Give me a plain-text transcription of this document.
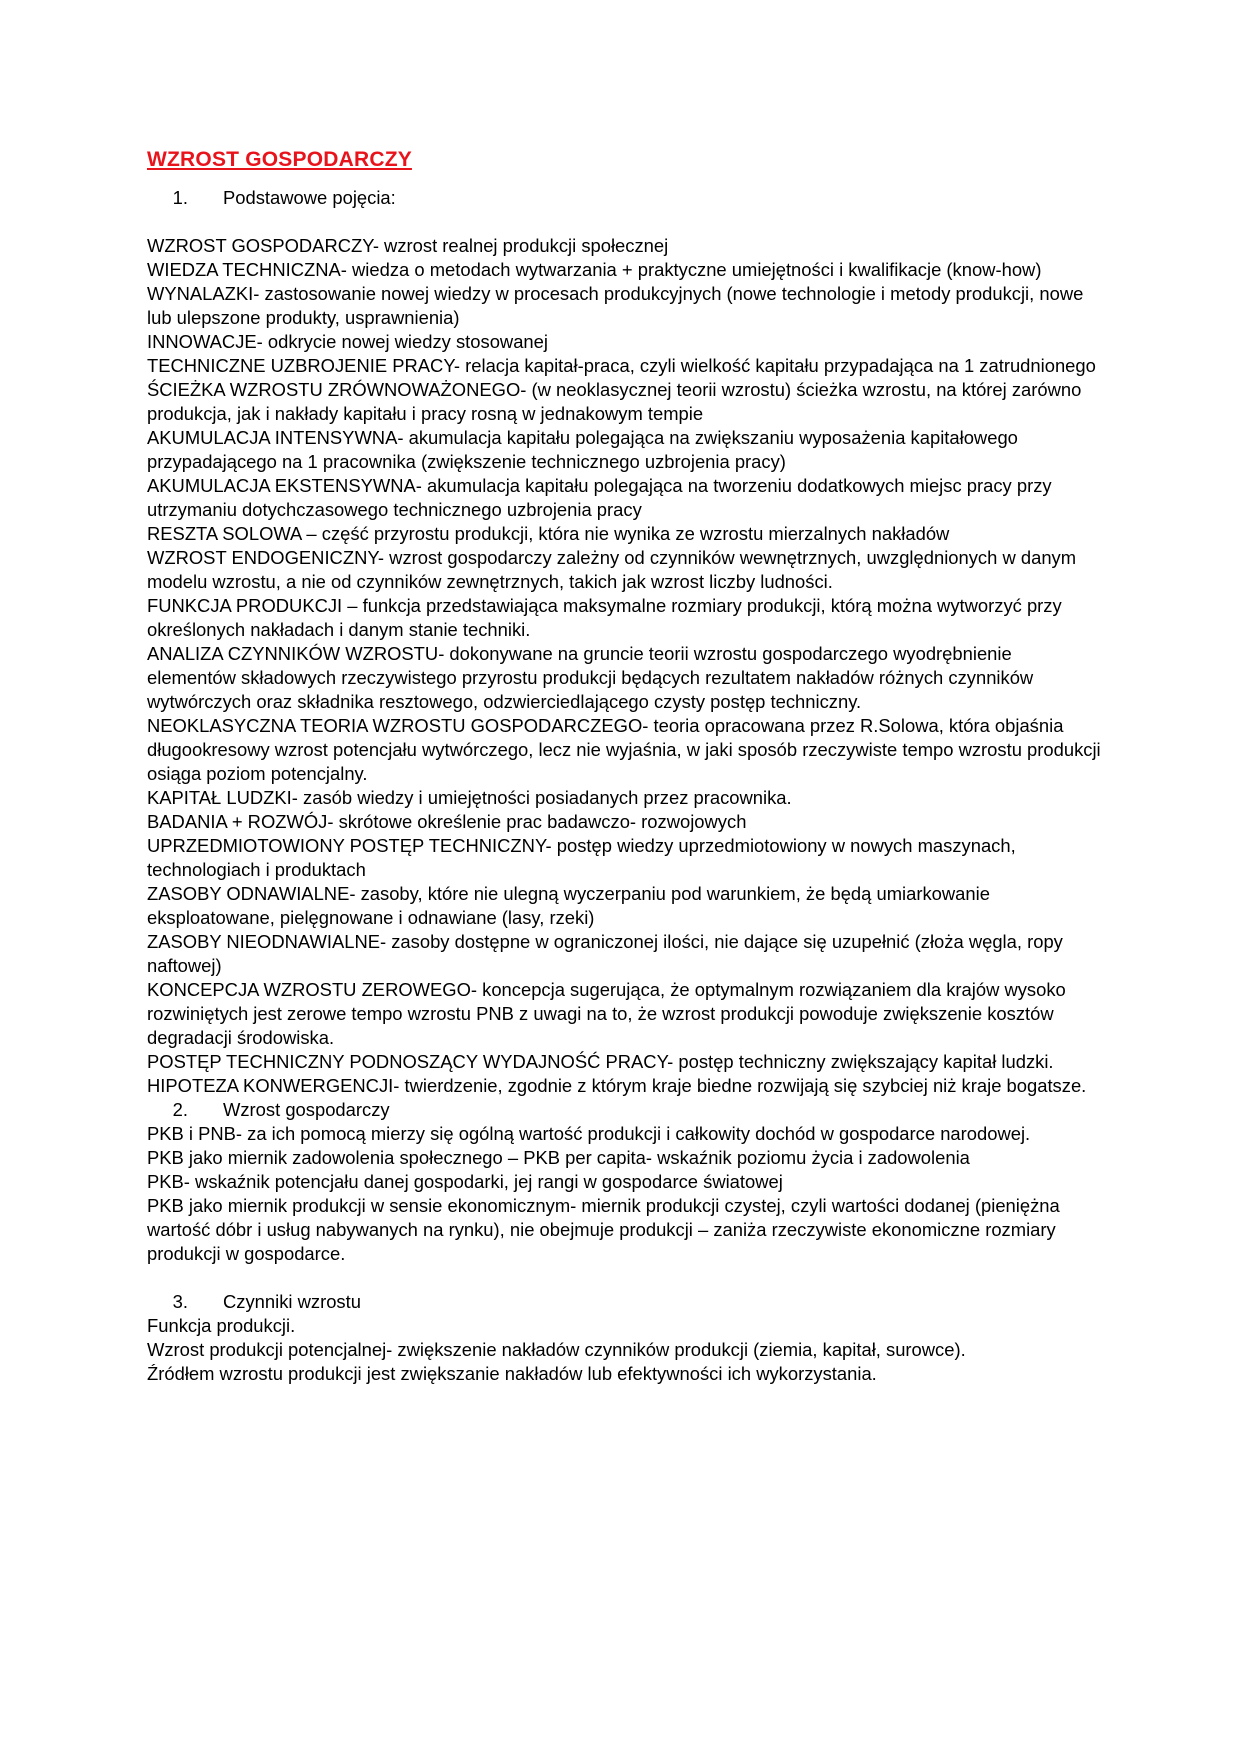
WZROST GOSPODARCZY
1.	Podstawowe pojęcia:

WZROST GOSPODARCZY- wzrost realnej produkcji społecznej

WIEDZA TECHNICZNA- wiedza o metodach wytwarzania + praktyczne umiejętności i kwalifikacje (know-how)

WYNALAZKI- zastosowanie nowej wiedzy w procesach produkcyjnych (nowe technologie i metody produkcji, nowe lub ulepszone produkty, usprawnienia)

INNOWACJE- odkrycie nowej wiedzy stosowanej

TECHNICZNE UZBROJENIE PRACY- relacja kapitał-praca, czyli wielkość kapitału przypadająca na 1 zatrudnionego

ŚCIEŻKA WZROSTU ZRÓWNOWAŻONEGO- (w neoklasycznej teorii wzrostu) ścieżka wzrostu, na której zarówno produkcja, jak i nakłady kapitału i pracy rosną w jednakowym tempie

AKUMULACJA INTENSYWNA- akumulacja kapitału polegająca na zwiększaniu wyposażenia kapitałowego przypadającego na 1 pracownika (zwiększenie technicznego uzbrojenia pracy)

AKUMULACJA EKSTENSYWNA- akumulacja kapitału polegająca na tworzeniu dodatkowych miejsc pracy przy utrzymaniu dotychczasowego technicznego uzbrojenia pracy

RESZTA SOLOWA – część przyrostu produkcji, która nie wynika ze wzrostu mierzalnych nakładów

WZROST ENDOGENICZNY- wzrost gospodarczy zależny od czynników wewnętrznych, uwzględnionych w danym modelu wzrostu, a nie od czynników zewnętrznych, takich jak wzrost liczby ludności.

FUNKCJA PRODUKCJI – funkcja przedstawiająca maksymalne rozmiary produkcji, którą można wytworzyć przy określonych nakładach i danym stanie techniki.

ANALIZA CZYNNIKÓW WZROSTU- dokonywane na gruncie teorii wzrostu gospodarczego wyodrębnienie elementów składowych rzeczywistego przyrostu produkcji będących rezultatem nakładów różnych czynników wytwórczych oraz składnika resztowego, odzwierciedlającego czysty postęp techniczny.

NEOKLASYCZNA TEORIA WZROSTU GOSPODARCZEGO- teoria opracowana przez R.Solowa, która objaśnia długookresowy wzrost potencjału wytwórczego, lecz nie wyjaśnia, w jaki sposób rzeczywiste tempo wzrostu produkcji osiąga poziom potencjalny.

KAPITAŁ LUDZKI- zasób wiedzy i umiejętności posiadanych przez pracownika.

BADANIA + ROZWÓJ- skrótowe określenie prac badawczo- rozwojowych

UPRZEDMIOTOWIONY POSTĘP TECHNICZNY- postęp wiedzy uprzedmiotowiony w nowych maszynach, technologiach i produktach

ZASOBY ODNAWIALNE- zasoby, które nie ulegną wyczerpaniu pod warunkiem, że będą umiarkowanie eksploatowane, pielęgnowane i odnawiane (lasy, rzeki)

ZASOBY NIEODNAWIALNE- zasoby dostępne w ograniczonej ilości, nie dające się uzupełnić (złoża węgla, ropy naftowej)

KONCEPCJA WZROSTU ZEROWEGO- koncepcja sugerująca, że optymalnym rozwiązaniem dla krajów wysoko rozwiniętych jest zerowe tempo wzrostu PNB z uwagi na to, że wzrost produkcji powoduje zwiększenie kosztów degradacji środowiska.

POSTĘP TECHNICZNY PODNOSZĄCY WYDAJNOŚĆ PRACY- postęp techniczny zwiększający kapitał ludzki.

HIPOTEZA KONWERGENCJI- twierdzenie, zgodnie z którym kraje biedne rozwijają się szybciej niż kraje bogatsze.

2.	Wzrost gospodarczy

PKB i PNB- za ich pomocą mierzy się ogólną wartość produkcji i całkowity dochód w gospodarce narodowej.

PKB jako miernik zadowolenia społecznego – PKB per capita- wskaźnik poziomu życia i zadowolenia

PKB- wskaźnik potencjału danej gospodarki, jej rangi w gospodarce światowej

PKB jako miernik produkcji w sensie ekonomicznym- miernik produkcji czystej, czyli wartości dodanej (pieniężna wartość dóbr i usług nabywanych na rynku), nie obejmuje produkcji – zaniża rzeczywiste ekonomiczne rozmiary produkcji w gospodarce.

3.	Czynniki wzrostu

Funkcja produkcji.

Wzrost produkcji potencjalnej- zwiększenie nakładów czynników produkcji (ziemia, kapitał, surowce).

Źródłem wzrostu produkcji jest zwiększanie nakładów lub efektywności ich wykorzystania.
